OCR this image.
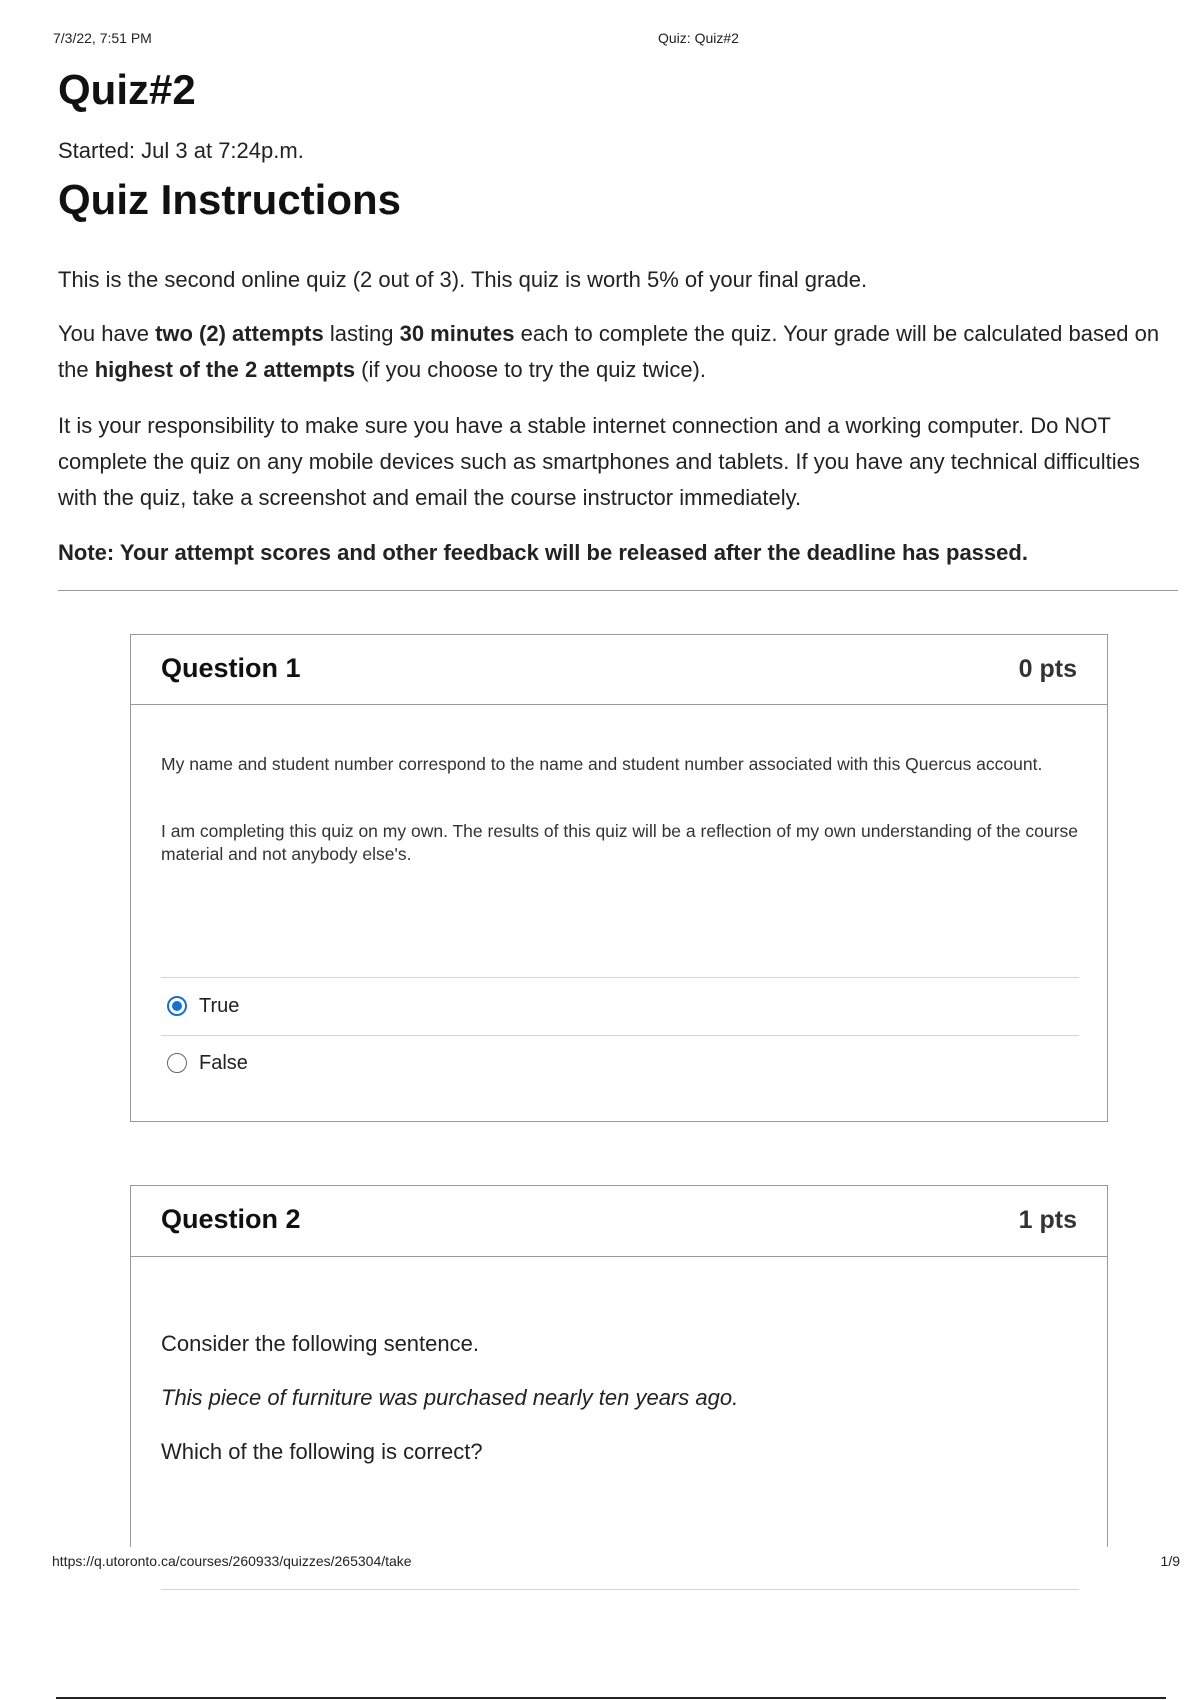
7/3/22, 7:51 PM	Quiz: Quiz#2
Quiz#2
Started: Jul 3 at 7:24p.m.
Quiz Instructions

This is the second online quiz (2 out of 3). This quiz is worth 5% of your final grade.

You have two (2) attempts lasting 30 minutes each to complete the quiz. Your grade will be calculated based on the highest of the 2 attempts (if you choose to try the quiz twice).

It is your responsibility to make sure you have a stable internet connection and a working computer. Do NOT complete the quiz on any mobile devices such as smartphones and tablets. If you have any technical difficulties with the quiz, take a screenshot and email the course instructor immediately.

Note: Your attempt scores and other feedback will be released after the deadline has passed.

Question 1	0 pts

My name and student number correspond to the name and student number associated with this Quercus account.

I am completing this quiz on my own. The results of this quiz will be a reflection of my own understanding of the course material and not anybody else's.

True
False
Question 2	1 pts

Consider the following sentence.

This piece of furniture was purchased nearly ten years ago.

Which of the following is correct?

https://q.utoronto.ca/courses/260933/quizzes/265304/take	1/9
